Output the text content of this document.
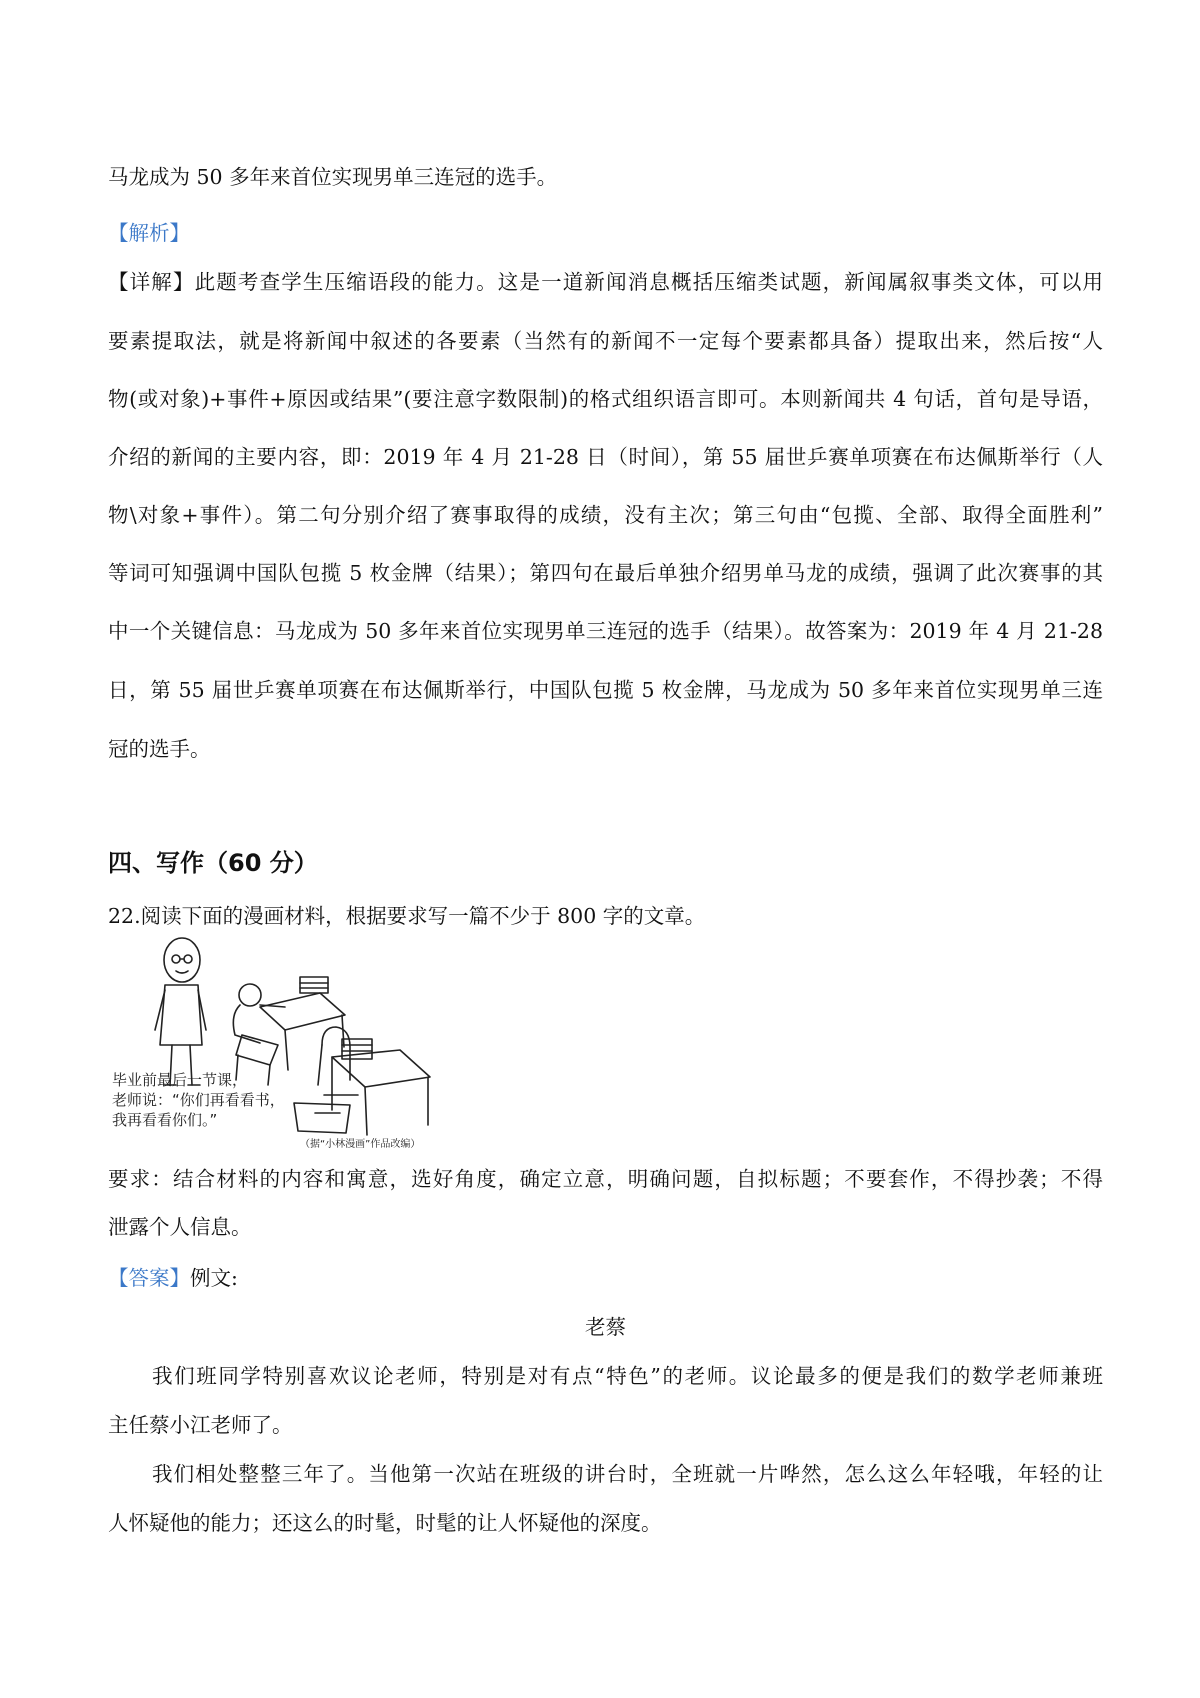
马龙成为 50 多年来首位实现男单三连冠的选手。
【解析】
【详解】此题考查学生压缩语段的能力。这是一道新闻消息概括压缩类试题，新闻属叙事类文体，可以用
要素提取法，就是将新闻中叙述的各要素（当然有的新闻不一定每个要素都具备）提取出来，然后按“人
物(或对象)+事件+原因或结果”(要注意字数限制)的格式组织语言即可。本则新闻共 4 句话，首句是导语，
介绍的新闻的主要内容，即：2019 年 4 月 21-28 日（时间），第 55 届世乒赛单项赛在布达佩斯举行（人
物\对象+事件）。第二句分别介绍了赛事取得的成绩，没有主次；第三句由“包揽、全部、取得全面胜利”
等词可知强调中国队包揽 5 枚金牌（结果）；第四句在最后单独介绍男单马龙的成绩，强调了此次赛事的其
中一个关键信息：马龙成为 50 多年来首位实现男单三连冠的选手（结果）。故答案为：2019 年 4 月 21-28
日，第 55 届世乒赛单项赛在布达佩斯举行，中国队包揽 5 枚金牌，马龙成为 50 多年来首位实现男单三连
冠的选手。
四、写作（60 分）
22.阅读下面的漫画材料，根据要求写一篇不少于 800 字的文章。
毕业前最后一节课，
老师说：“你们再看看书，
我再看看你们。”
（据“小林漫画”作品改编）
要求：结合材料的内容和寓意，选好角度，确定立意，明确问题，自拟标题；不要套作，不得抄袭；不得
泄露个人信息。
【答案】例文:
老蔡
我们班同学特别喜欢议论老师，特别是对有点“特色”的老师。议论最多的便是我们的数学老师兼班
主任蔡小江老师了。
我们相处整整三年了。当他第一次站在班级的讲台时，全班就一片哗然，怎么这么年轻哦，年轻的让
人怀疑他的能力；还这么的时髦，时髦的让人怀疑他的深度。
